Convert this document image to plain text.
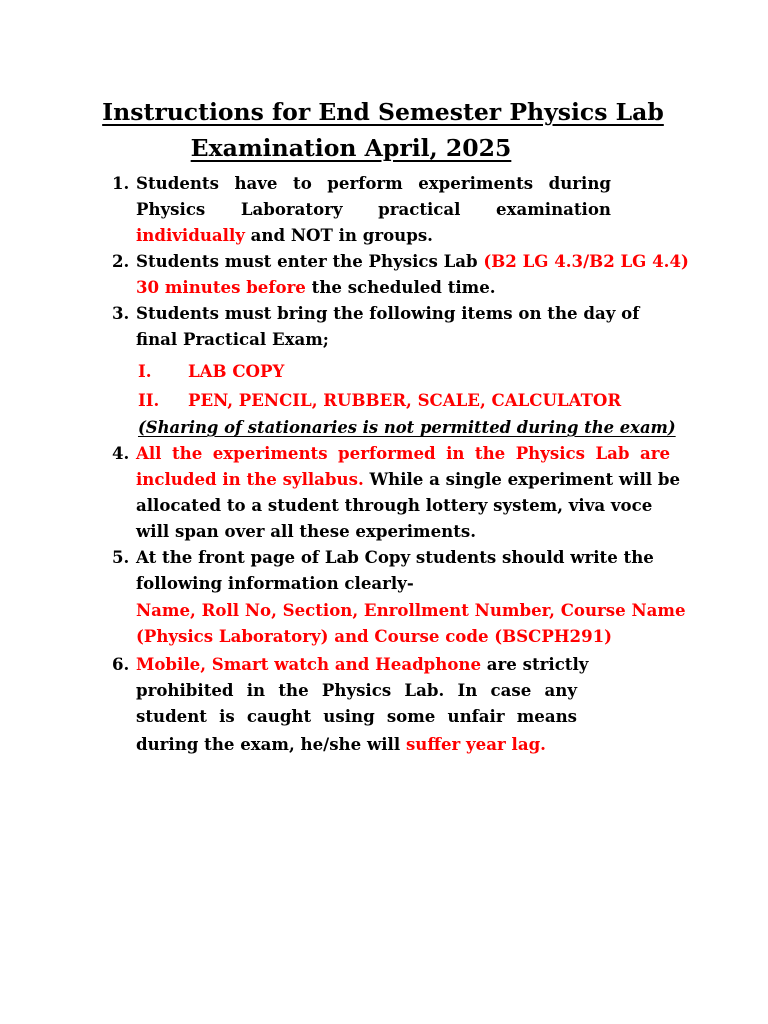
Instructions for End Semester Physics Lab
Examination April, 2025
1. Students have to perform experiments during
Physics Laboratory practical examination
individually and NOT in groups.
2. Students must enter the Physics Lab (B2 LG 4.3/B2 LG 4.4)
30 minutes before the scheduled time.
3. Students must bring the following items on the day of
final Practical Exam;
I. LAB COPY
II. PEN, PENCIL, RUBBER, SCALE, CALCULATOR
(Sharing of stationaries is not permitted during the exam)
4. All the experiments performed in the Physics Lab are
included in the syllabus. While a single experiment will be
allocated to a student through lottery system, viva voce
will span over all these experiments.
5. At the front page of Lab Copy students should write the
following information clearly-
Name, Roll No, Section, Enrollment Number, Course Name
(Physics Laboratory) and Course code (BSCPH291)
6. Mobile, Smart watch and Headphone are strictly
prohibited in the Physics Lab. In case any
student is caught using some unfair means
during the exam, he/she will suffer year lag.
